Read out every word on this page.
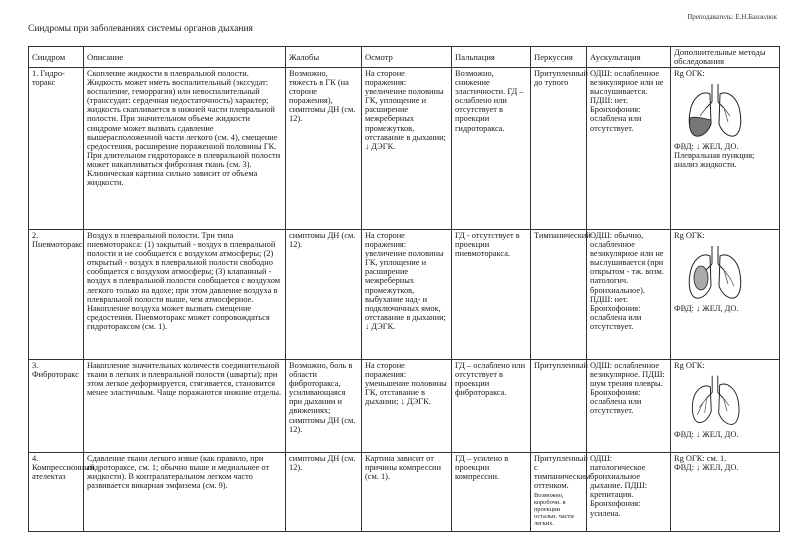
Преподаватель: Е.Н.Банзелюк
Синдромы при заболеваниях системы органов дыхания
Синдром	Описание	Жалобы	Осмотр	Пальпация	Перкуссия	Аускультация	Дополнительные методы обследования
1. Гидро-торакс	Скопление жидкости в плевральной полости. Жидкость может иметь воспалительный (экссудат: воспаление, геморрагия) или невоспалительный (транссудат: сердечная недостаточность) характер; жидкость скапливается в нижней части плевральной полости. При значительном объеме жидкости синдроме может вызвать сдавление вышерасположенной части легкого (см. 4), смещение средостения, расширение пораженной половины ГК. При длительном гидротораксе в плевральной полости может накапливаться фиброзная ткань (см. 3). Клиническая картина сильно зависит от объема жидкости.	Возможно, тяжесть в ГК (на стороне поражения), симптомы ДН (см. 12).	На стороне поражения: увеличение половины ГК, уплощение и расширение межреберных промежутков, отставание в дыхании; ↓ ДЭГК.	Возможно, снижение эластичности. ГД – ослаблено или отсутствует в проекции гидроторакса.	Притупленный до тупого	ОДШ: ослабленное везикулярное или не выслушивается. ПДШ: нет. Бронхофония: ослаблена или отсутствует.	Rg ОГК:
ФВД: ↓ ЖЕЛ, ДО. Плевральная пункция; анализ жидкости.

2. Пневмоторакс	Воздух в плевральной полости. Три типа пневмоторакса: (1) закрытый - воздух в плевральной полости и не сообщается с воздухом атмосферы; (2) открытый - воздух в плевральной полости свободно сообщается с воздухом атмосферы; (3) клапанный - воздух в плевральной полости сообщается с воздухом легкого только на вдохе; при этом давление воздуха в плевральной полости выше, чем атмосферное. Накопление воздуха может вызвать смещение средостения. Пневмоторакс может сопровождаться гидротораксом (см. 1).	симптомы ДН (см. 12).	На стороне поражения: увеличение половины ГК, уплощение и расширение межреберных промежутков, выбухание над- и подключичных ямок, отставание в дыхании; ↓ ДЭГК.	ГД - отсутствует в проекции пневмоторакса.	Тимпанический	ОДШ: обычно, ослабленное везикулярное или не выслушивается (при открытом - тж. возм. патологич. бронхиальное). ПДШ: нет. Бронхофония: ослаблена или отсутствует.	Rg ОГК:
ФВД: ↓ ЖЕЛ, ДО.

3. Фиброторакс	Накопление значительных количеств соединительной ткани в легких и плевральной полости (шварты); при этом легкое деформируется, стягивается, становится менее эластичным. Чаще поражаются нижние отделы.	Возможно, боль в области фиброторакса, усиливающаяся при дыхании и движениях; симптомы ДН (см. 12).	На стороне поражения: уменьшение половины ГК, отставание в дыхании; ↓ ДЭГК.	ГД – ослаблено или отсутствует в проекции фиброторакса.	Притупленный	ОДШ: ослабленное везикулярное. ПДШ: шум трения плевры. Бронхофония: ослаблена или отсутствует.	Rg ОГК:
ФВД: ↓ ЖЕЛ, ДО.

4. Компрессионный ателектаз	Сдавление ткани легкого извне (как правило, при гидротораксе, см. 1; обычно выше и медиальнее от жидкости). В контралатеральном легком часто развивается викарная эмфизема (см. 9).	симптомы ДН (см. 12).	Картина зависит от причины компрессии (см. 1).	ГД – усилено в проекции компрессии.	Притупленный с тимпаническим оттенком.
Возможно, коробочн. в проекции остальн. части легких.	ОДШ: патологическое бронхиальное дыхание. ПДШ: крепитация. Бронхофония: усилена.	Rg ОГК: см. 1.
ФВД: ↓ ЖЕЛ, ДО.
